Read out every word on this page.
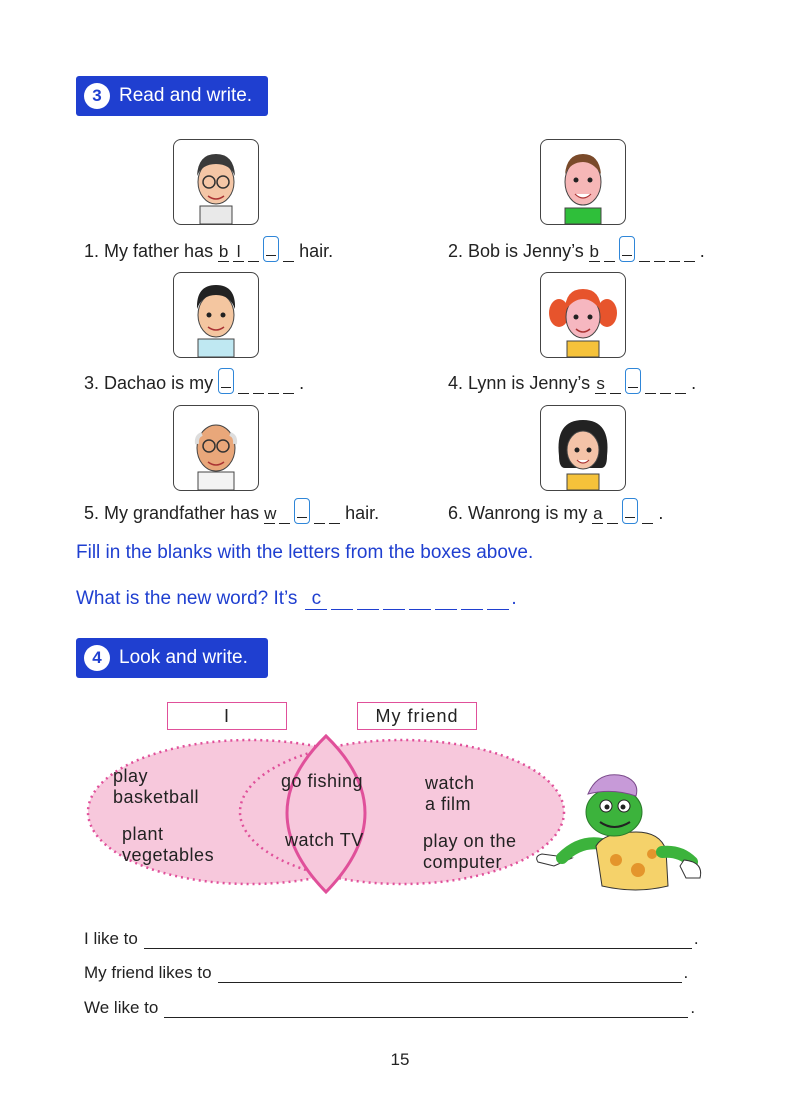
3 Read and write.
1.
My father has b l	hair.	2.
Bob is Jenny’s b	.
3.
Dachao is my	.	4.
Lynn is Jenny’s s	.
5.
My grandfather has w	hair.	6.
Wanrong is my a	.
Fill in the blanks with the letters from the boxes above.
What is the new word? It’s c	.
4 Look and write.
I	My friend
play
basketball
plant
vegetables
go fishing
watch TV
watch
a film
play on the
computer
I like to	.
My friend likes to	.
We like to	.
15
